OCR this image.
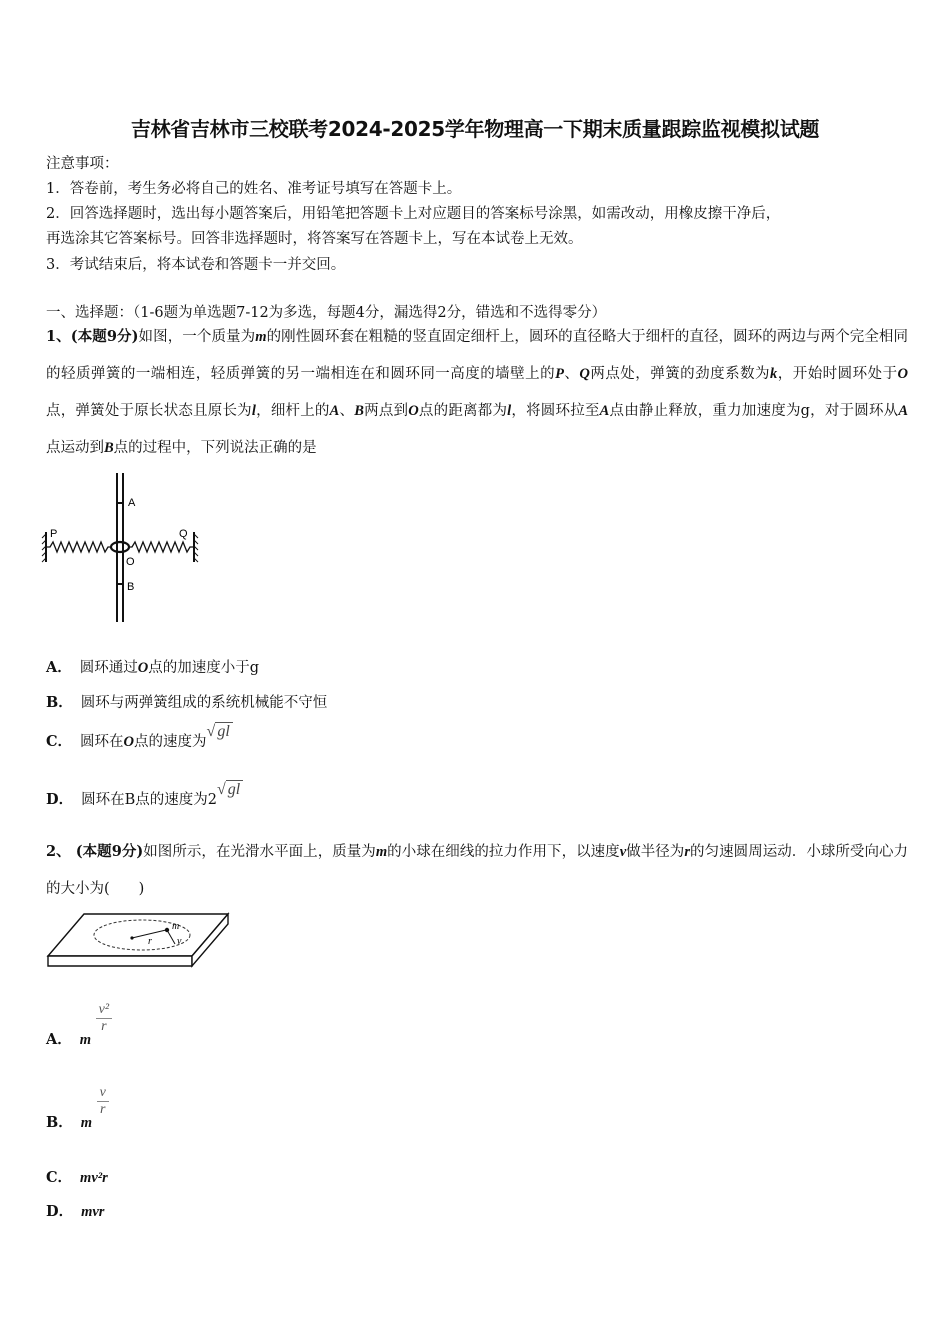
吉林省吉林市三校联考2024-2025学年物理高一下期末质量跟踪监视模拟试题
注意事项：
1．答卷前，考生务必将自己的姓名、准考证号填写在答题卡上。
2．回答选择题时，选出每小题答案后，用铅笔把答题卡上对应题目的答案标号涂黑，如需改动，用橡皮擦干净后，
再选涂其它答案标号。回答非选择题时，将答案写在答题卡上，写在本试卷上无效。
3．考试结束后，将本试卷和答题卡一并交回。
一、选择题：（1-6题为单选题7-12为多选，每题4分，漏选得2分，错选和不选得零分）
1、(本题9分)如图，一个质量为m的刚性圆环套在粗糙的竖直固定细杆上，圆环的直径略大于细杆的直径，圆环的两边与两个完全相同的轻质弹簧的一端相连，轻质弹簧的另一端相连在和圆环同一高度的墙壁上的P、Q两点处，弹簧的劲度系数为k，开始时圆环处于O点，弹簧处于原长状态且原长为l，细杆上的A、B两点到O点的距离都为l，将圆环拉至A点由静止释放，重力加速度为g，对于圆环从A点运动到B点的过程中，下列说法正确的是
A
O
B
P	Q
A． 圆环通过O点的加速度小于g
B． 圆环与两弹簧组成的系统机械能不守恒
C． 圆环在O点的速度为√ gl
D． 圆环在B点的速度为2√ gl
2、 (本题9分)如图所示，在光滑水平面上，质量为m的小球在细线的拉力作用下，以速度v做半径为r的匀速圆周运动．小球所受向心力的大小为(　　)
m
v
r
A． m
$\frac{\text{v²}}{r}$
B． m
$\frac{v}{r}$
C． mv²r
D． mvr
